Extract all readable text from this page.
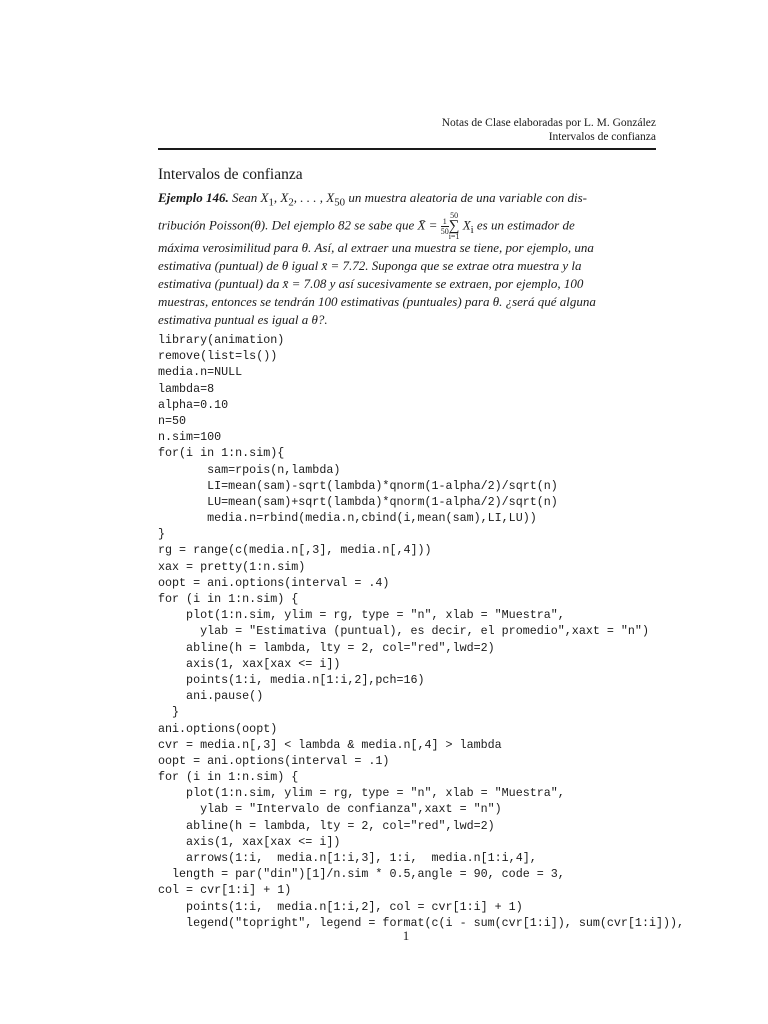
Notas de Clase elaboradas por L. M. González
Intervalos de confianza
Intervalos de confianza
Ejemplo 146. Sean $X_1$, $X_2$, . . . , $X_{50}$ un muestra aleatoria de una variable con dis-
tribución Poisson(θ). Del ejemplo 82 se sabe que X̄ = $\frac{1}{50}50$
∑
i=1 $X_i$ es un estimador de
máxima verosimilitud para θ. Así, al extraer una muestra se tiene, por ejemplo, una
estimativa (puntual) de θ igual x̄ = 7.72. Suponga que se extrae otra muestra y la
estimativa (puntual) da x̄ = 7.08 y así sucesivamente se extraen, por ejemplo, 100
muestras, entonces se tendrán 100 estimativas (puntuales) para θ. ¿será qué alguna
estimativa puntual es igual a θ?.
library(animation)
remove(list=ls())
media.n=NULL
lambda=8
alpha=0.10
n=50
n.sim=100
for(i in 1:n.sim){
sam=rpois(n,lambda)
LI=mean(sam)-sqrt(lambda)*qnorm(1-alpha/2)/sqrt(n)
LU=mean(sam)+sqrt(lambda)*qnorm(1-alpha/2)/sqrt(n)
media.n=rbind(media.n,cbind(i,mean(sam),LI,LU))
}
rg = range(c(media.n[,3], media.n[,4]))
xax = pretty(1:n.sim)
oopt = ani.options(interval = .4)
for (i in 1:n.sim) {
plot(1:n.sim, ylim = rg, type = "n", xlab = "Muestra",
ylab = "Estimativa (puntual), es decir, el promedio",xaxt = "n")
abline(h = lambda, lty = 2, col="red",lwd=2)
axis(1, xax[xax <= i])
points(1:i, media.n[1:i,2],pch=16)
ani.pause()
}
ani.options(oopt)
cvr = media.n[,3] < lambda & media.n[,4] > lambda
oopt = ani.options(interval = .1)
for (i in 1:n.sim) {
plot(1:n.sim, ylim = rg, type = "n", xlab = "Muestra",
ylab = "Intervalo de confianza",xaxt = "n")
abline(h = lambda, lty = 2, col="red",lwd=2)
axis(1, xax[xax <= i])
arrows(1:i,  media.n[1:i,3], 1:i,  media.n[1:i,4],
length = par("din")[1]/n.sim * 0.5,angle = 90, code = 3,
col = cvr[1:i] + 1)
points(1:i,  media.n[1:i,2], col = cvr[1:i] + 1)
legend("topright", legend = format(c(i - sum(cvr[1:i]), sum(cvr[1:i])),
1
